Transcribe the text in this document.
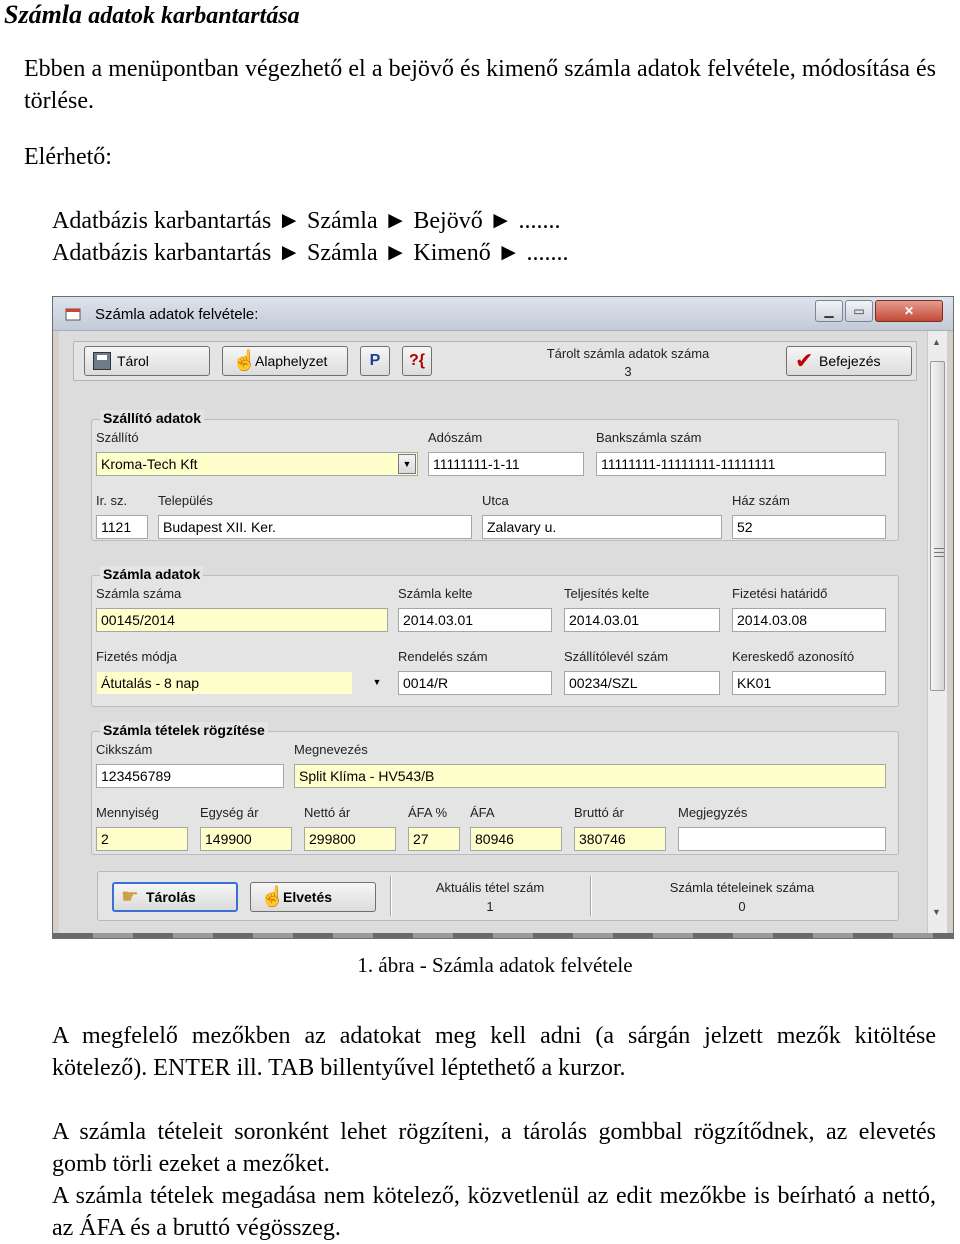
Számla adatok karbantartása
Ebben a menüpontban végezhető el a bejövő és kimenő számla adatok felvétele, módosítása és törlése.
Elérhető:
Adatbázis karbantartás ► Számla ► Bejövő ► .......
Adatbázis karbantartás ► Számla ► Kimenő ► .......
Számla adatok felvétele:	▁	▭	✕
Tárol ☝	Alaphelyzet	P ?{	Tárolt számla adatok száma
3
✔
Befejezés
Szállító adatok
Szállító
Kroma-Tech Kft	▼
Adószám
11111111-1-11
Bankszámla szám
11111111-11111111-11111111
Ir. sz.
1121
Település
Budapest XII. Ker.
Utca
Zalavary u.
Ház szám
52
Számla adatok
Számla száma
00145/2014
Számla kelte
2014.03.01
Teljesítés kelte
2014.03.01
Fizetési határidő
2014.03.08
Fizetés módja
Átutalás - 8 nap	▼
Rendelés szám
0014/R
Szállítólevél szám
00234/SZL
Kereskedő azonosító
KK01
Számla tételek rögzítése
Cikkszám
123456789
Megnevezés
Split Klíma - HV543/B
Mennyiség
2
Egység ár
149900
Nettó ár
299800
ÁFA %
27
ÁFA
80946
Bruttó ár
380746
Megjegyzés
☛
Tárolás ☝	Elvetés
Aktuális tétel szám
1
Számla tételeinek száma
0
▲
▼
1. ábra - Számla adatok felvétele
A megfelelő mezőkben az adatokat meg kell adni (a sárgán jelzett mezők kitöltése kötelező). ENTER ill. TAB billentyűvel léptethető a kurzor.
A számla tételeit soronként lehet rögzíteni, a tárolás gombbal rögzítődnek, az elevetés gomb törli ezeket a mezőket.
A számla tételek megadása nem kötelező, közvetlenül az edit mezőkbe is beírható a nettó, az ÁFA és a bruttó végösszeg.
